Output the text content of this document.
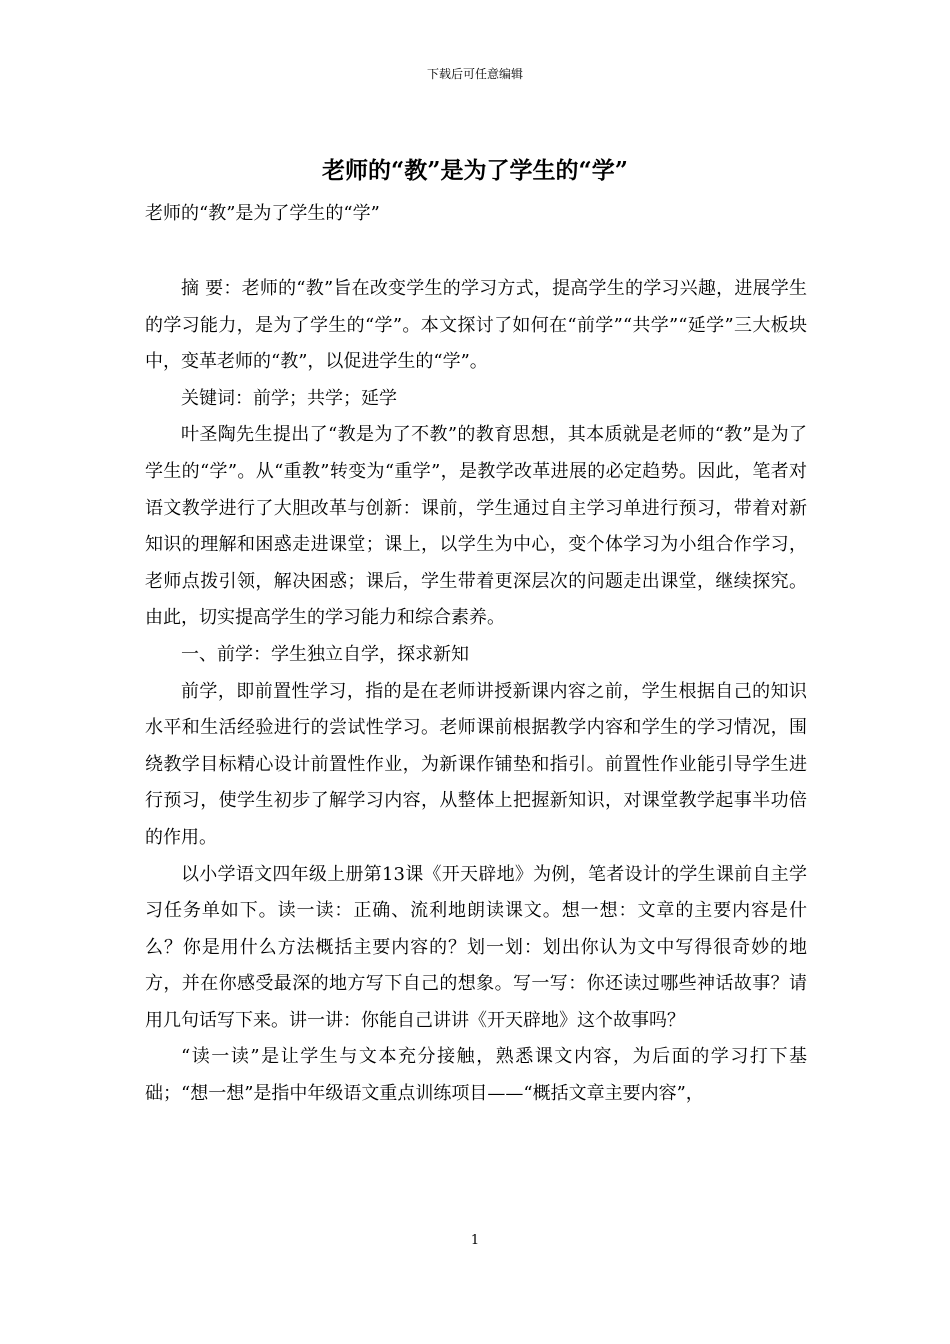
下载后可任意编辑
老师的“教”是为了学生的“学”
老师的“教”是为了学生的“学”

摘 要：老师的“教”旨在改变学生的学习方式，提高学生的学习兴趣，进展学生的学习能力，是为了学生的“学”。本文探讨了如何在“前学”“共学”“延学”三大板块中，变革老师的“教”，以促进学生的“学”。

关键词：前学；共学；延学

叶圣陶先生提出了“教是为了不教”的教育思想，其本质就是老师的“教”是为了学生的“学”。从“重教”转变为“重学”，是教学改革进展的必定趋势。因此，笔者对语文教学进行了大胆改革与创新：课前，学生通过自主学习单进行预习，带着对新知识的理解和困惑走进课堂；课上，以学生为中心，变个体学习为小组合作学习，老师点拨引领，解决困惑；课后，学生带着更深层次的问题走出课堂，继续探究。由此，切实提高学生的学习能力和综合素养。

一、前学：学生独立自学，探求新知

前学，即前置性学习，指的是在老师讲授新课内容之前，学生根据自己的知识水平和生活经验进行的尝试性学习。老师课前根据教学内容和学生的学习情况，围绕教学目标精心设计前置性作业，为新课作铺垫和指引。前置性作业能引导学生进行预习，使学生初步了解学习内容，从整体上把握新知识，对课堂教学起事半功倍的作用。

以小学语文四年级上册第13课《开天辟地》为例，笔者设计的学生课前自主学习任务单如下。读一读：正确、流利地朗读课文。想一想：文章的主要内容是什么？你是用什么方法概括主要内容的？划一划：划出你认为文中写得很奇妙的地方，并在你感受最深的地方写下自己的想象。写一写：你还读过哪些神话故事？请用几句话写下来。讲一讲：你能自己讲讲《开天辟地》这个故事吗？

“读一读”是让学生与文本充分接触，熟悉课文内容，为后面的学习打下基础；“想一想”是指中年级语文重点训练项目——“概括文章主要内容”，

1
